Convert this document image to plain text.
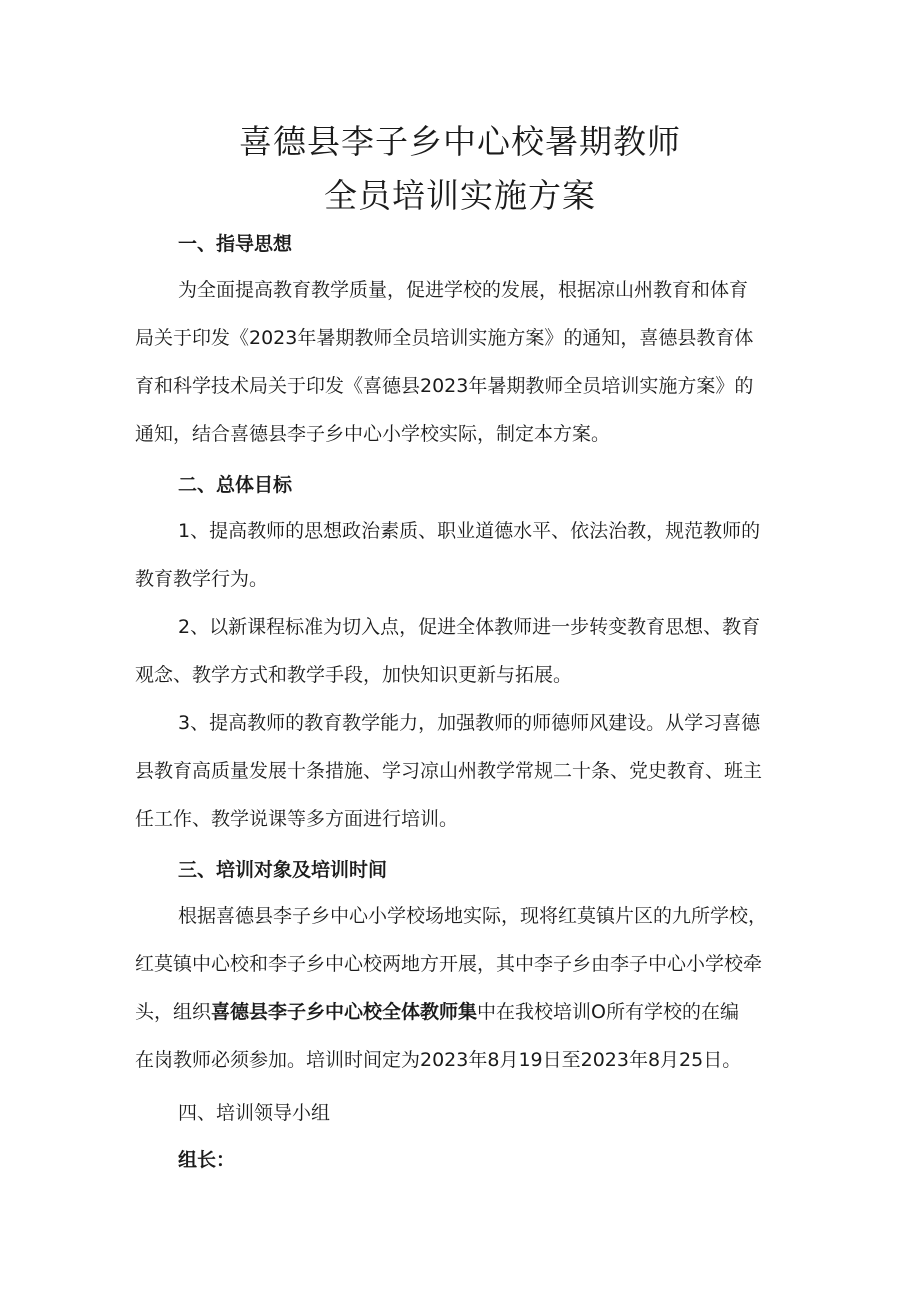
喜德县李子乡中心校暑期教师
全员培训实施方案
一、指导思想
为全面提高教育教学质量，促进学校的发展，根据凉山州教育和体育
局关于印发《2023年暑期教师全员培训实施方案》的通知，喜德县教育体
育和科学技术局关于印发《喜德县2023年暑期教师全员培训实施方案》的
通知，结合喜德县李子乡中心小学校实际，制定本方案。
二、总体目标
1、提高教师的思想政治素质、职业道德水平、依法治教，规范教师的
教育教学行为。
2、以新课程标准为切入点，促进全体教师进一步转变教育思想、教育
观念、教学方式和教学手段，加快知识更新与拓展。
3、提高教师的教育教学能力，加强教师的师德师风建设。从学习喜德
县教育高质量发展十条措施、学习凉山州教学常规二十条、党史教育、班主
任工作、教学说课等多方面进行培训。
三、培训对象及培训时间
根据喜德县李子乡中心小学校场地实际，现将红莫镇片区的九所学校，
红莫镇中心校和李子乡中心校两地方开展，其中李子乡由李子中心小学校牵
头，组织喜德县李子乡中心校全体教师集中在我校培训O所有学校的在编
在岗教师必须参加。培训时间定为2023年8月19日至2023年8月25日。
四、培训领导小组
组长：
